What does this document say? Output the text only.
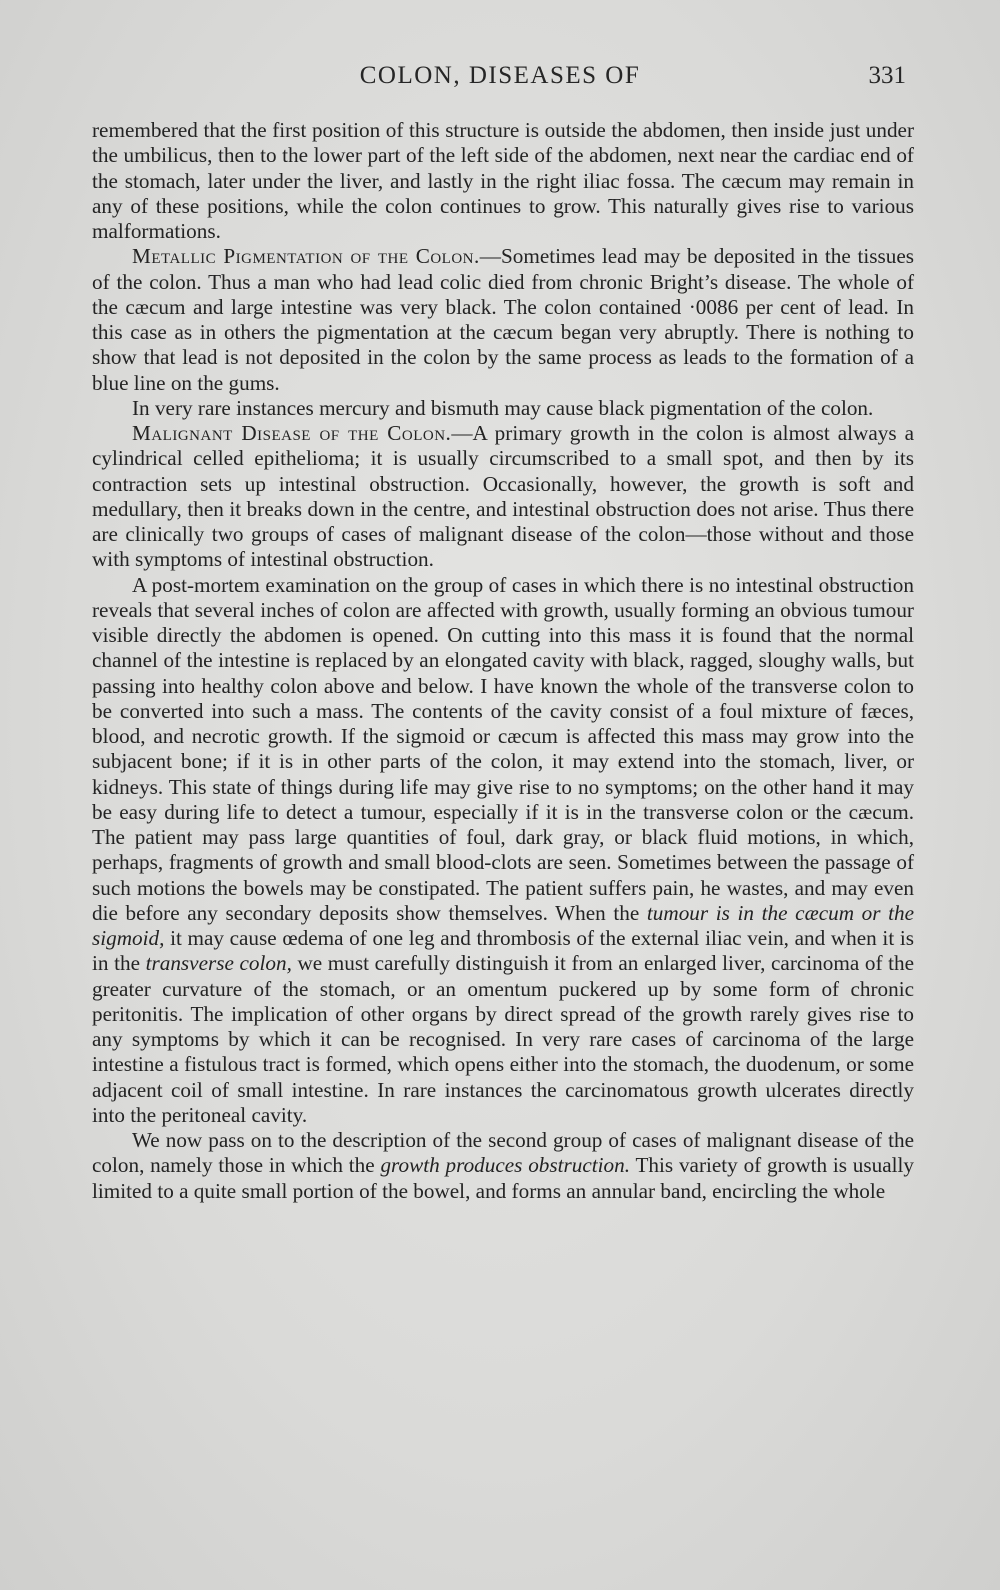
COLON, DISEASES OF	331

remembered that the first position of this structure is outside the abdomen, then inside just under the umbilicus, then to the lower part of the left side of the abdomen, next near the cardiac end of the stomach, later under the liver, and lastly in the right iliac fossa. The cæcum may remain in any of these positions, while the colon continues to grow. This naturally gives rise to various malformations.

Metallic Pigmentation of the Colon.—Sometimes lead may be deposited in the tissues of the colon. Thus a man who had lead colic died from chronic Bright’s disease. The whole of the cæcum and large intestine was very black. The colon contained ·0086 per cent of lead. In this case as in others the pigmentation at the cæcum began very abruptly. There is nothing to show that lead is not deposited in the colon by the same process as leads to the formation of a blue line on the gums.

In very rare instances mercury and bismuth may cause black pigmentation of the colon.

Malignant Disease of the Colon.—A primary growth in the colon is almost always a cylindrical celled epithelioma; it is usually circumscribed to a small spot, and then by its contraction sets up intestinal obstruction. Occasionally, however, the growth is soft and medullary, then it breaks down in the centre, and intestinal obstruction does not arise. Thus there are clinically two groups of cases of malignant disease of the colon—those without and those with symptoms of intestinal obstruction.

A post-mortem examination on the group of cases in which there is no intestinal obstruction reveals that several inches of colon are affected with growth, usually forming an obvious tumour visible directly the abdomen is opened. On cutting into this mass it is found that the normal channel of the intestine is replaced by an elongated cavity with black, ragged, sloughy walls, but passing into healthy colon above and below. I have known the whole of the transverse colon to be converted into such a mass. The contents of the cavity consist of a foul mixture of fæces, blood, and necrotic growth. If the sigmoid or cæcum is affected this mass may grow into the subjacent bone; if it is in other parts of the colon, it may extend into the stomach, liver, or kidneys. This state of things during life may give rise to no symptoms; on the other hand it may be easy during life to detect a tumour, especially if it is in the transverse colon or the cæcum. The patient may pass large quantities of foul, dark gray, or black fluid motions, in which, perhaps, fragments of growth and small blood-clots are seen. Sometimes between the passage of such motions the bowels may be constipated. The patient suffers pain, he wastes, and may even die before any secondary deposits show themselves. When the tumour is in the cæcum or the sigmoid, it may cause œdema of one leg and thrombosis of the external iliac vein, and when it is in the transverse colon, we must carefully distinguish it from an enlarged liver, carcinoma of the greater curvature of the stomach, or an omentum puckered up by some form of chronic peritonitis. The implication of other organs by direct spread of the growth rarely gives rise to any symptoms by which it can be recognised. In very rare cases of carcinoma of the large intestine a fistulous tract is formed, which opens either into the stomach, the duodenum, or some adjacent coil of small intestine. In rare instances the carcinomatous growth ulcerates directly into the peritoneal cavity.

We now pass on to the description of the second group of cases of malignant disease of the colon, namely those in which the growth produces obstruction. This variety of growth is usually limited to a quite small portion of the bowel, and forms an annular band, encircling the whole
